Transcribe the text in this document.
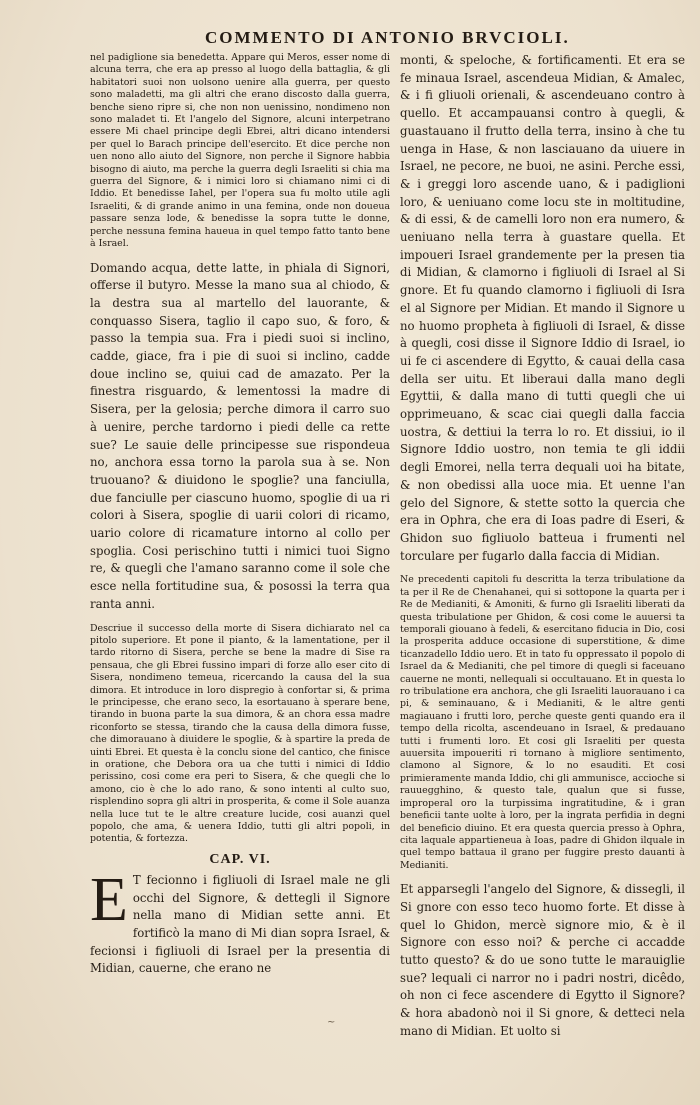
COMMENTO DI ANTONIO BRVCIOLI.

nel padiglione sia benedetta. Appare qui Meros, esser nome di alcuna terra, che era ap presso al luogo della battaglia, & gli habitatori suoi non uolsono uenire alla guerra, per questo sono maladetti, ma gli altri che erano discosto dalla guerra, benche sieno ripre si, che non non uenissino, nondimeno non sono maladet ti. Et l'angelo del Signore, alcuni interpetrano essere Mi chael principe degli Ebrei, altri dicano intendersi per quel lo Barach principe dell'esercito. Et dice perche non uen nono allo aiuto del Signore, non perche il Signore habbia bisogno di aiuto, ma perche la guerra degli Israeliti si chia ma guerra del Signore, & i nimici loro si chiamano nimi ci di Iddio. Et benedisse Iahel, per l'opera sua fu molto utile agli Israeliti, & di grande animo in una femina, onde non doueua passare senza lode, & benedisse la sopra tutte le donne, perche nessuna femina haueua in quel tempo fatto tanto bene à Israel.

Domando acqua, dette latte, in phiala di Signori, offerse il butyro. Messe la mano sua al chiodo, & la destra sua al martello del lauorante, & conquasso Sisera, taglio il capo suo, & foro, & passo la tempia sua. Fra i piedi suoi si inclino, cadde, giace, fra i pie di suoi si inclino, cadde doue inclino se, quiui cad de amazato. Per la finestra risguardo, & lementossi la madre di Sisera, per la gelosia; perche dimora il carro suo à uenire, perche tardorno i piedi delle ca rette sue? Le sauie delle principesse sue rispondeua no, anchora essa torno la parola sua à se. Non truouano? & diuidono le spoglie? una fanciulla, due fanciulle per ciascuno huomo, spoglie di ua ri colori à Sisera, spoglie di uarii colori di ricamo, uario colore di ricamature intorno al collo per spoglia. Cosi perischino tutti i nimici tuoi Signo re, & quegli che l'amano saranno come il sole che esce nella fortitudine sua, & posossi la terra qua ranta anni.

Descriue il successo della morte di Sisera dichiarato nel ca pitolo superiore. Et pone il pianto, & la lamentatione, per il tardo ritorno di Sisera, perche se bene la madre di Sise ra pensaua, che gli Ebrei fussino impari di forze allo eser cito di Sisera, nondimeno temeua, ricercando la causa del la sua dimora. Et introduce in loro dispregio à confortar si, & prima le principesse, che erano seco, la esortauano à sperare bene, tirando in buona parte la sua dimora, & an chora essa madre riconforto se stessa, tirando che la causa della dimora fusse, che dimorauano à diuidere le spoglie, & à spartire la preda de uinti Ebrei. Et questa è la conclu sione del cantico, che finisce in oratione, che Debora ora ua che tutti i nimici di Iddio perissino, cosi come era peri to Sisera, & che quegli che lo amono, cio è che lo ado rano, & sono intenti al culto suo, risplendino sopra gli altri in prosperita, & come il Sole auanza nella luce tut te le altre creature lucide, cosi auanzi quel popolo, che ama, & uenera Iddio, tutti gli altri popoli, in potentia, & fortezza.

CAP. VI.

E T fecionno i figliuoli di Israel male ne gli occhi del Signore, & dettegli il Signore nella mano di Midian sette anni. Et fortificò la mano di Mi dian sopra Israel, & fecionsi i figliuoli di Israel per la presentia di Midian, cauerne, che erano ne

monti, & speloche, & fortificamenti. Et era se fe minaua Israel, ascendeua Midian, & Amalec, & i fi gliuoli orienali, & ascendeuano contro à quello. Et accampauansi contro à quegli, & guastauano il frutto della terra, insino à che tu uenga in Hase, & non lasciauano da uiuere in Israel, ne pecore, ne buoi, ne asini. Perche essi, & i greggi loro ascende uano, & i padiglioni loro, & ueniuano come locu ste in moltitudine, & di essi, & de camelli loro non era numero, & ueniuano nella terra à guastare quella. Et impoueri Israel grandemente per la presen tia di Midian, & clamorno i figliuoli di Israel al Si gnore. Et fu quando clamorno i figliuoli di Isra el al Signore per Midian. Et mando il Signore u no huomo propheta à figliuoli di Israel, & disse à quegli, cosi disse il Signore Iddio di Israel, io ui fe ci ascendere di Egytto, & cauai della casa della ser uitu. Et liberaui dalla mano degli Egyttii, & dalla mano di tutti quegli che ui opprimeuano, & scac ciai quegli dalla faccia uostra, & dettiui la terra lo ro. Et dissiui, io il Signore Iddio uostro, non temia te gli iddii degli Emorei, nella terra dequali uoi ha bitate, & non obedissi alla uoce mia. Et uenne l'an gelo del Signore, & stette sotto la quercia che era in Ophra, che era di Ioas padre di Eseri, & Ghidon suo figliuolo batteua i frumenti nel torculare per fugarlo dalla faccia di Midian.

Ne precedenti capitoli fu descritta la terza tribulatione da ta per il Re de Chenahanei, qui si sottopone la quarta per i Re de Medianiti, & Amoniti, & furno gli Israeliti liberati da questa tribulatione per Ghidon, & cosi come le auuersi ta temporali giouano à fedeli, & esercitano fiducia in Dio, cosi la prosperita adduce occasione di superstitione, & dime ticanzadello Iddio uero. Et in tato fu oppressato il popolo di Israel da & Medianiti, che pel timore di quegli si faceuano cauerne ne monti, nellequali si occultauano. Et in questa lo ro tribulatione era anchora, che gli Israeliti lauorauano i ca pi, & seminauano, & i Medianiti, & le altre genti magiauano i frutti loro, perche queste genti quando era il tempo della ricolta, ascendeuano in Israel, & predauano tutti i frumenti loro. Et cosi gli Israeliti per questa auuersita impoueriti ri tornano à migliore sentimento, clamono al Signore, & lo no esauditi. Et cosi primieramente manda Iddio, chi gli ammunisce, accioche si rauuegghino, & questo tale, qualun que si fusse, improperal oro la turpissima ingratitudine, & i gran beneficii tante uolte à loro, per la ingrata perfidia in degni del beneficio diuino. Et era questa quercia presso à Ophra, cita laquale appartieneua à Ioas, padre di Ghidon ilquale in quel tempo battaua il grano per fuggire presto dauanti à Medianiti.

Et apparsegli l'angelo del Signore, & dissegli, il Si gnore con esso teco huomo forte. Et disse à quel lo Ghidon, mercè signore mio, & è il Signore con esso noi? & perche ci accadde tutto questo? & do ue sono tutte le marauiglie sue? lequali ci narror no i padri nostri, dicêdo, oh non ci fece ascendere di Egytto il Signore? & hora abadonò noi il Si gnore, & detteci nela mano di Midian. Et uolto si

~
